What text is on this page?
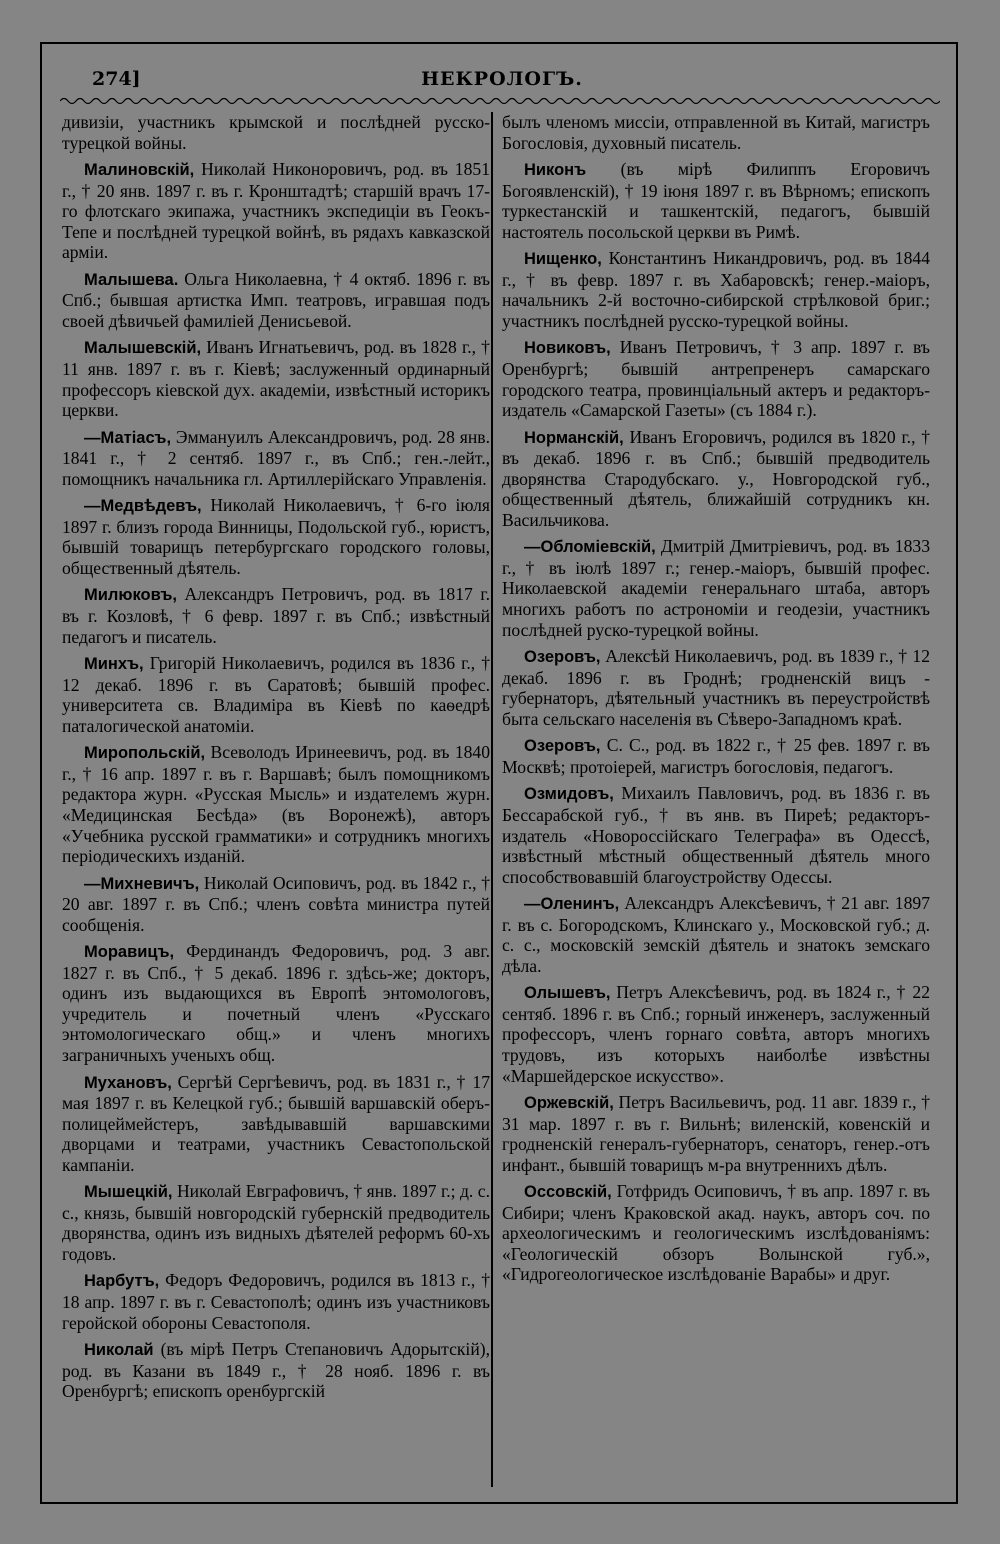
274]	НЕКРОЛОГЪ.

дивизіи, участникъ крымской и послѣдней русско-турецкой войны.

Малиновскій, Николай Никоноровичъ, род. въ 1851 г., † 20 янв. 1897 г. въ г. Кронштадтѣ; старшій врачъ 17-го флотскаго экипажа, участникъ экспедиціи въ Геокъ-Тепе и послѣдней турецкой войнѣ, въ рядахъ кавказской арміи.

Малышева. Ольга Николаевна, † 4 октяб. 1896 г. въ Спб.; бывшая артистка Имп. театровъ, игравшая подъ своей дѣвичьей фамиліей Денисьевой.

Малышевскій, Иванъ Игнатьевичъ, род. въ 1828 г., † 11 янв. 1897 г. въ г. Кіевѣ; заслуженный ординарный профессоръ кіевской дух. академіи, извѣстный историкъ церкви.

—Матіасъ, Эммануилъ Александровичъ, род. 28 янв. 1841 г., † 2 сентяб. 1897 г., въ Спб.; ген.-лейт., помощникъ начальника гл. Артиллерійскаго Управленія.

—Медвѣдевъ, Николай Николаевичъ, † 6-го іюля 1897 г. близъ города Винницы, Подольской губ., юристъ, бывшій товарищъ петербургскаго городского головы, общественный дѣятель.

Милюковъ, Александръ Петровичъ, род. въ 1817 г. въ г. Козловѣ, † 6 февр. 1897 г. въ Спб.; извѣстный педагогъ и писатель.

Минхъ, Григорій Николаевичъ, родился въ 1836 г., † 12 декаб. 1896 г. въ Саратовѣ; бывшій профес. университета св. Владиміра въ Кіевѣ по каѳедрѣ паталогической анатоміи.

Миропольскій, Всеволодъ Иринеевичъ, род. въ 1840 г., † 16 апр. 1897 г. въ г. Варшавѣ; былъ помощникомъ редактора журн. «Русская Мысль» и издателемъ журн. «Медицинская Бесѣда» (въ Воронежѣ), авторъ «Учебника русской грамматики» и сотрудникъ многихъ періодическихъ изданій.

—Михневичъ, Николай Осиповичъ, род. въ 1842 г., † 20 авг. 1897 г. въ Спб.; членъ совѣта министра путей сообщенія.

Моравицъ, Фердинандъ Федоровичъ, род. 3 авг. 1827 г. въ Спб., † 5 декаб. 1896 г. здѣсь-же; докторъ, одинъ изъ выдающихся въ Европѣ энтомологовъ, учредитель и почетный членъ «Русскаго энтомологическаго общ.» и членъ многихъ заграничныхъ ученыхъ общ.

Мухановъ, Сергѣй Сергѣевичъ, род. въ 1831 г., † 17 мая 1897 г. въ Келецкой губ.; бывшій варшавскій оберъ-полицеймейстеръ, завѣдывавшій варшавскими дворцами и театрами, участникъ Севастопольской кампаніи.

Мышецкій, Николай Евграфовичъ, † янв. 1897 г.; д. с. с., князь, бывшій новгородскій губернскій предводитель дворянства, одинъ изъ видныхъ дѣятелей реформъ 60-хъ годовъ.

Нарбутъ, Федоръ Федоровичъ, родился въ 1813 г., † 18 апр. 1897 г. въ г. Севастополѣ; одинъ изъ участниковъ геройской обороны Севастополя.

Николай (въ мірѣ Петръ Степановичъ Адорытскій), род. въ Казани въ 1849 г., † 28 нояб. 1896 г. въ Оренбургѣ; епископъ оренбургскій

былъ членомъ миссіи, отправленной въ Китай, магистръ Богословія, духовный писатель.

Никонъ (въ мірѣ Филиппъ Егоровичъ Богоявленскій), † 19 іюня 1897 г. въ Вѣрномъ; епископъ туркестанскій и ташкентскій, педагогъ, бывшій настоятель посольской церкви въ Римѣ.

Нищенко, Константинъ Никандровичъ, род. въ 1844 г., † въ февр. 1897 г. въ Хабаровскѣ; генер.-маіоръ, начальникъ 2-й восточно-сибирской стрѣлковой бриг.; участникъ послѣдней русско-турецкой войны.

Новиковъ, Иванъ Петровичъ, † 3 апр. 1897 г. въ Оренбургѣ; бывшій антрепренеръ самарскаго городского театра, провинціальный актеръ и редакторъ-издатель «Самарской Газеты» (съ 1884 г.).

Норманскій, Иванъ Егоровичъ, родился въ 1820 г., † въ декаб. 1896 г. въ Спб.; бывшій предводитель дворянства Стародубскаго. у., Новгородской губ., общественный дѣятель, ближайшій сотрудникъ кн. Васильчикова.

—Обломіевскій, Дмитрій Дмитріевичъ, род. въ 1833 г., † въ іюлѣ 1897 г.; генер.-маіоръ, бывшій профес. Николаевской академіи генеральнаго штаба, авторъ многихъ работъ по астрономіи и геодезіи, участникъ послѣдней руско-турецкой войны.

Озеровъ, Алексѣй Николаевичъ, род. въ 1839 г., † 12 декаб. 1896 г. въ Гроднѣ; гродненскій вицъ - губернаторъ, дѣятельный участникъ въ переустройствѣ быта сельскаго населенія въ Сѣверо-Западномъ краѣ.

Озеровъ, С. С., род. въ 1822 г., † 25 фев. 1897 г. въ Москвѣ; протоіерей, магистръ богословія, педагогъ.

Озмидовъ, Михаилъ Павловичъ, род. въ 1836 г. въ Бессарабской губ., † въ янв. въ Пиреѣ; редакторъ-издатель «Новороссійскаго Телеграфа» въ Одессѣ, извѣстный мѣстный общественный дѣятель много способствовавшій благоустройству Одессы.

—Оленинъ, Александръ Алексѣевичъ, † 21 авг. 1897 г. въ с. Богородскомъ, Клинскаго у., Московской губ.; д. с. с., московскій земскій дѣятель и знатокъ земскаго дѣла.

Олышевъ, Петръ Алексѣевичъ, род. въ 1824 г., † 22 сентяб. 1896 г. въ Спб.; горный инженеръ, заслуженный профессоръ, членъ горнаго совѣта, авторъ многихъ трудовъ, изъ которыхъ наиболѣе извѣстны «Маршейдерское искусство».

Оржевскій, Петръ Васильевичъ, род. 11 авг. 1839 г., † 31 мар. 1897 г. въ г. Вильнѣ; виленскій, ковенскій и гродненскій генералъ-губернаторъ, сенаторъ, генер.-отъ инфант., бывшій товарищъ м-ра внутреннихъ дѣлъ.

Оссовскій, Готфридъ Осиповичъ, † въ апр. 1897 г. въ Сибири; членъ Краковской акад. наукъ, авторъ соч. по археологическимъ и геологическимъ изслѣдованіямъ: «Геологическій обзоръ Волынской губ.», «Гидрогеологическое изслѣдованіе Варабы» и друг.
